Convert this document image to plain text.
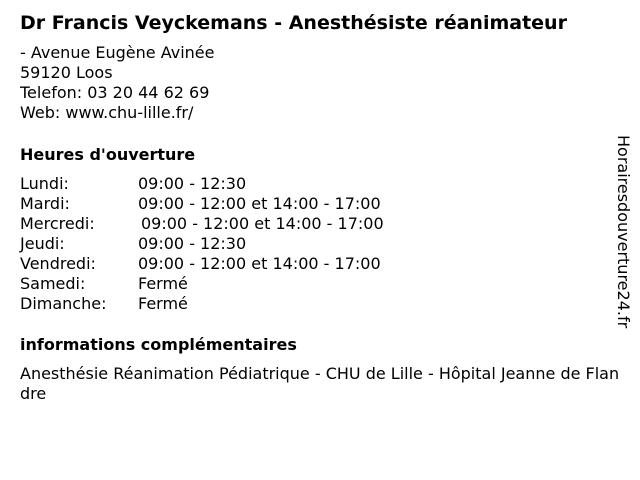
Dr Francis Veyckemans - Anesthésiste réanimateur
- Avenue Eugène Avinée
59120 Loos
Telefon: 03 20 44 62 69
Web: www.chu-lille.fr/
Heures d'ouverture
Lundi:	09:00 - 12:30
Mardi:	09:00 - 12:00 et 14:00 - 17:00
Mercredi:	09:00 - 12:00 et 14:00 - 17:00
Jeudi:	09:00 - 12:30
Vendredi:	09:00 - 12:00 et 14:00 - 17:00
Samedi:	Fermé
Dimanche:	Fermé
informations complémentaires
Anesthésie Réanimation Pédiatrique - CHU de Lille - Hôpital Jeanne de Flandre
Horairesdouverture24.fr
